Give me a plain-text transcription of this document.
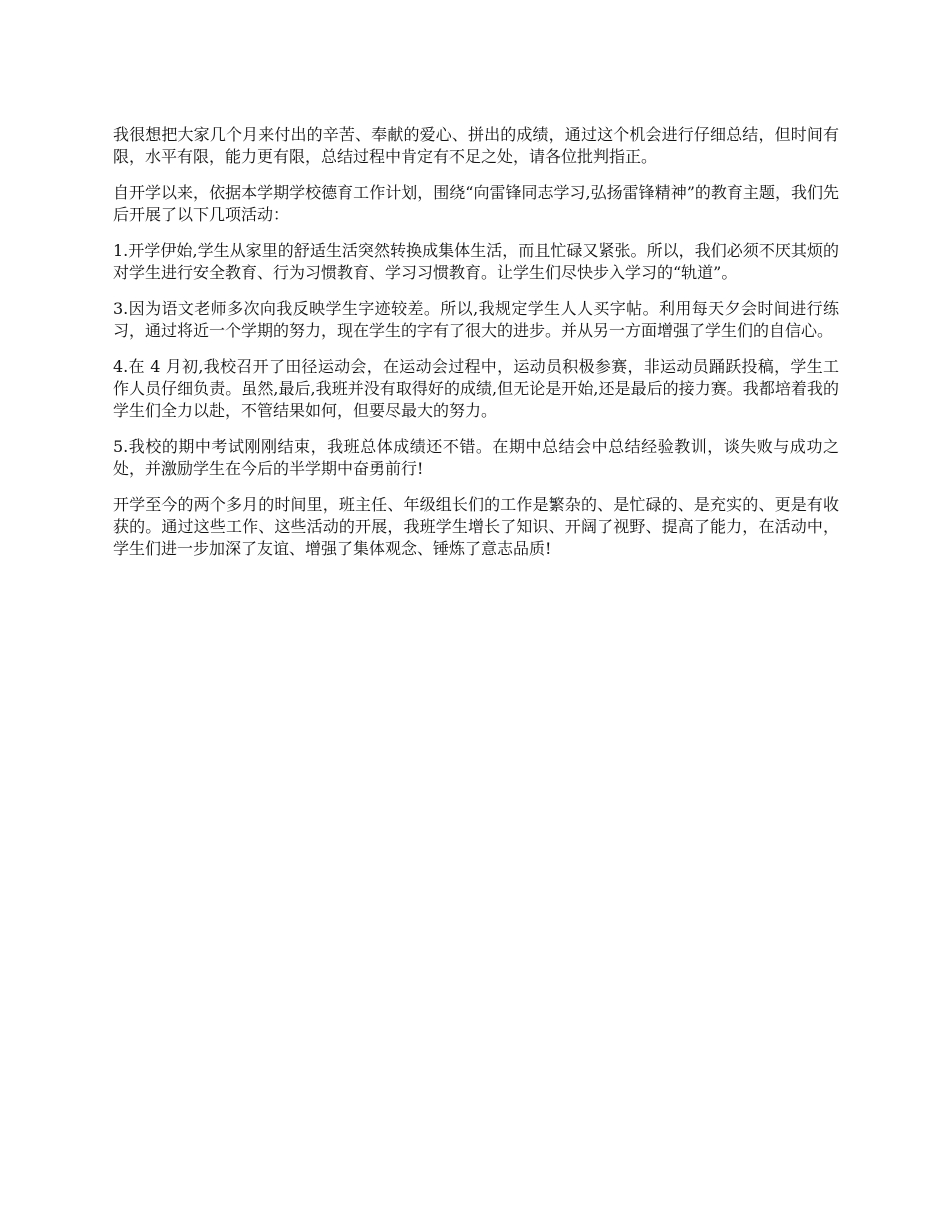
我很想把大家几个月来付出的辛苦、奉献的爱心、拼出的成绩，通过这个机会进行仔细总结，但时间有限，水平有限，能力更有限，总结过程中肯定有不足之处，请各位批判指正。

自开学以来，依据本学期学校德育工作计划，围绕“向雷锋同志学习,弘扬雷锋精神”的教育主题，我们先后开展了以下几项活动：

1.开学伊始,学生从家里的舒适生活突然转换成集体生活，而且忙碌又紧张。所以，我们必须不厌其烦的对学生进行安全教育、行为习惯教育、学习习惯教育。让学生们尽快步入学习的“轨道”。

3.因为语文老师多次向我反映学生字迹较差。所以,我规定学生人人买字帖。利用每天夕会时间进行练习，通过将近一个学期的努力，现在学生的字有了很大的进步。并从另一方面增强了学生们的自信心。

4.在 4 月初,我校召开了田径运动会，在运动会过程中，运动员积极参赛，非运动员踊跃投稿，学生工作人员仔细负责。虽然,最后,我班并没有取得好的成绩,但无论是开始,还是最后的接力赛。我都培着我的学生们全力以赴，不管结果如何，但要尽最大的努力。

5.我校的期中考试刚刚结束，我班总体成绩还不错。在期中总结会中总结经验教训，谈失败与成功之处，并激励学生在今后的半学期中奋勇前行!

开学至今的两个多月的时间里，班主任、年级组长们的工作是繁杂的、是忙碌的、是充实的、更是有收获的。通过这些工作、这些活动的开展，我班学生增长了知识、开阔了视野、提高了能力，在活动中，学生们进一步加深了友谊、增强了集体观念、锤炼了意志品质!
